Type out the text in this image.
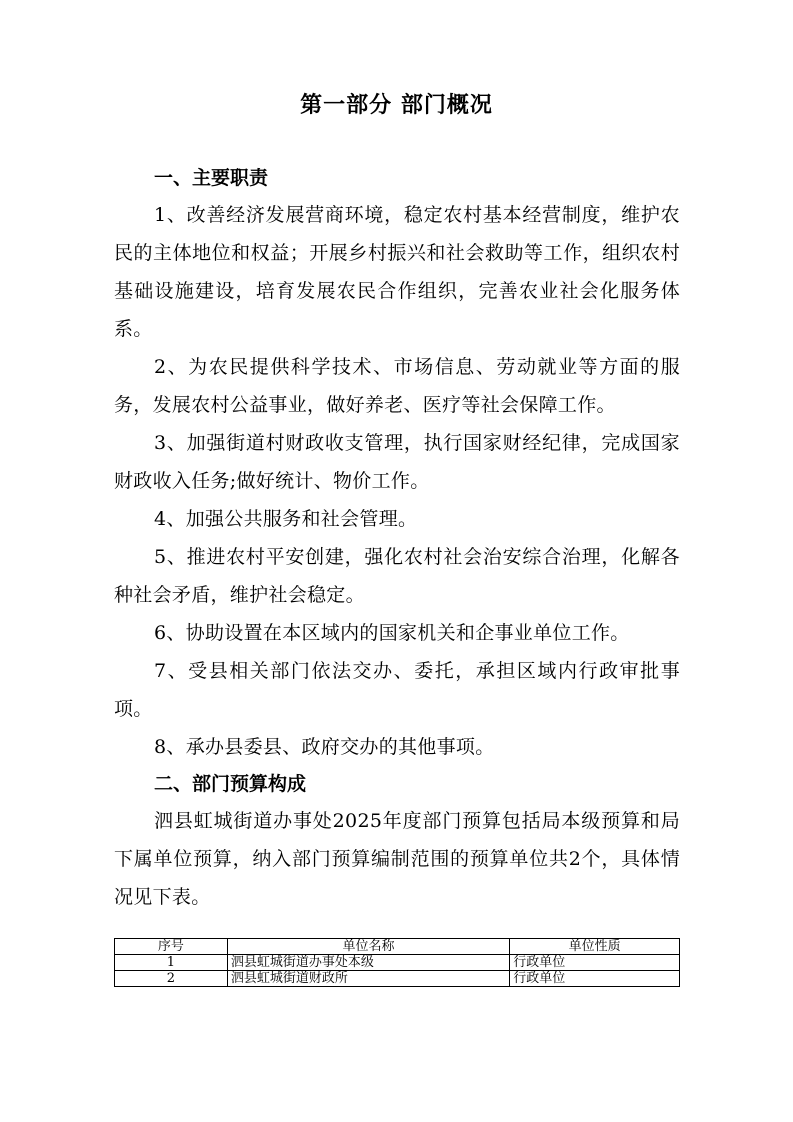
第一部分 部门概况
一、主要职责

1、改善经济发展营商环境，稳定农村基本经营制度，维护农民的主体地位和权益；开展乡村振兴和社会救助等工作，组织农村基础设施建设，培育发展农民合作组织，完善农业社会化服务体系。

2、为农民提供科学技术、市场信息、劳动就业等方面的服务，发展农村公益事业，做好养老、医疗等社会保障工作。

3、加强街道村财政收支管理，执行国家财经纪律，完成国家财政收入任务;做好统计、物价工作。

4、加强公共服务和社会管理。

5、推进农村平安创建，强化农村社会治安综合治理，化解各种社会矛盾，维护社会稳定。

6、协助设置在本区域内的国家机关和企事业单位工作。

7、受县相关部门依法交办、委托，承担区域内行政审批事项。

8、承办县委县、政府交办的其他事项。

二、部门预算构成

泗县虹城街道办事处2025年度部门预算包括局本级预算和局下属单位预算，纳入部门预算编制范围的预算单位共2个，具体情况见下表。

序号	单位名称	单位性质
1	泗县虹城街道办事处本级	行政单位
2	泗县虹城街道财政所	行政单位
